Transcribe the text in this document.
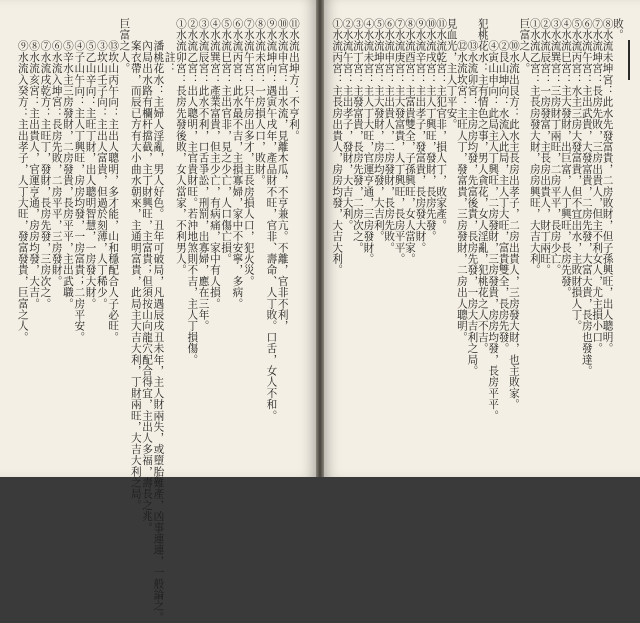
⑪水流出坤方：不亨利。
⑩水流申宫：出水流，見離木瓜，不亨兼亢。不離，官非不利，
⑨水流坤向：遇寅午戌年，產品財不旺，官非、壽命、人丁敗。口舌，女人不和。
⑧水流未宮：一房損人口，敗財。
⑦水流午宮：只午房出多才，主長房損人口，犯火災。
⑥水流丙宮：此水最不吉，主損寡婦，家中不安寧，多病。
⑤水流巳宮：主出官非，見之少亡，人口傷亡損。
④水流巽宮：產業富貴，但主少亡，有病痛，家中有人損。
③水流辰宮：此水不利，口舌爭訟，刑罰，出寡婦，應在三年。
②水流乙宮：出人聰明，主官貴財旺。若沖地煞則不吉，主人丁損傷。
①水流卯宮：長房先發後敗，女人當家，不利男人。
　　　註：
　　潘桃花水：主婦人淫亂，男人好色。丑年可破局，凡遇辰戌丑未年，主人財兩失，或墮胎難產，凶事連連，一般論之。
　　內局出水路有欄杆擋截，主丁財興旺，主富貴；但須按山向龍穴配合得宜，主出人多福，壽長之兆。
　　案衣帶，而辰已方有大小曲水朝來，主通明富貴，此局主大吉大利，丁財兩旺，大吉大利之局。
巨富之人。
　　⑬坎山丙午向：主出人聰明，多才能，山和穩配合人子必旺。
　　③坎山壬子向：主出人富貴，但過於刻薄，人丁稀少。
　　⑤乙山辛向：主旺丁財，出人聰明智慧，一房發大財。
　　④子山午向：主人丁興旺，房房均發，一房富貴；二房平安。
　　⑤辛水主三房發財，二房發貴，長房平平，主出武職。
　　⑥水流入坤宮：長房先敗，二房平平，三房發財。
　　⑦水流戌乾方：主旺丁，發財，長房先發，三房次之。
　　⑧水流亥宮：主出貴人，官運亨通，房房均發，大吉。
　　⑨水流入癸方：主出孝子，人丁大旺，發富發貴，巨富之人。	敗。
⑧水流未坤宮：此水先發富貴，二房敗財，但子孫興旺，出人聰明。
⑦水流坤宮：長房先敗，三房出貴人，但主不利女人，尤主損小口。
⑥水流午宮：主出武貴，大發富貴，二房先發，大富大貴，長房也發達。
⑤水流丙宮：水主三房大發富貴，但不宜出水，主敗財損人丁。
④水流巳宮：主大發財，出巨富，人丁興旺，長房先發。
③水流巽宮：三房財丁兩旺，二房平平，長房少亡。
②水流辰宮：一房發富，主長房出貴人，財丁兩旺。
①水流乙宮：主長房發大財，房房興旺，大吉大利。
巨富之人。
　　⑩水流出艮方：此水主長房出孝子，二房出貴人，三房發大財，也主敗家。
　　②艮山坤向：水流入此局，主人丁大旺，富貴雙全，長房先發。
　　④寅山申向：此局主人丁興旺，二房發財，三房發貴，房房均發，長房平平。
犯桃花水：主有情色之事，男人貪花，女人淫亂，犯桃花之人不吉。
　　⑬水流卯宮：主房房均發，先富後貴，長房先發，一房大吉利之局。
　　⑫水流坎宮：主旺人丁，發富貴，三房發財，二房出人聰明。
見血光，主人丁平安。
⑪水流乾宮：主犯官非，損人丁，敗家產。
⑩水流戌宮：主人丁興旺，發財，長房先發。
⑨水流辛宮：主出孝子，發富貴，長房發大財。
⑧水流酉宮：主富貴雙全，子孫興旺，女人當家。
⑦水流庚宮：主大發富貴，人丁興旺，長房平平。
⑥水流申宮：主出貴人，二房發財，長房先敗。
⑤水流坤宮：主大發財，房房均發，大吉利。
④水流未宮：主人丁大旺，官運亨通，三房發財。
③水流丁宮：主發富貴，長房先發，二房次之。
②水流午宮：主出孝子，發財，大吉大利。
①水流丙宮：主長房出貴人，房房均發，大吉大利。
